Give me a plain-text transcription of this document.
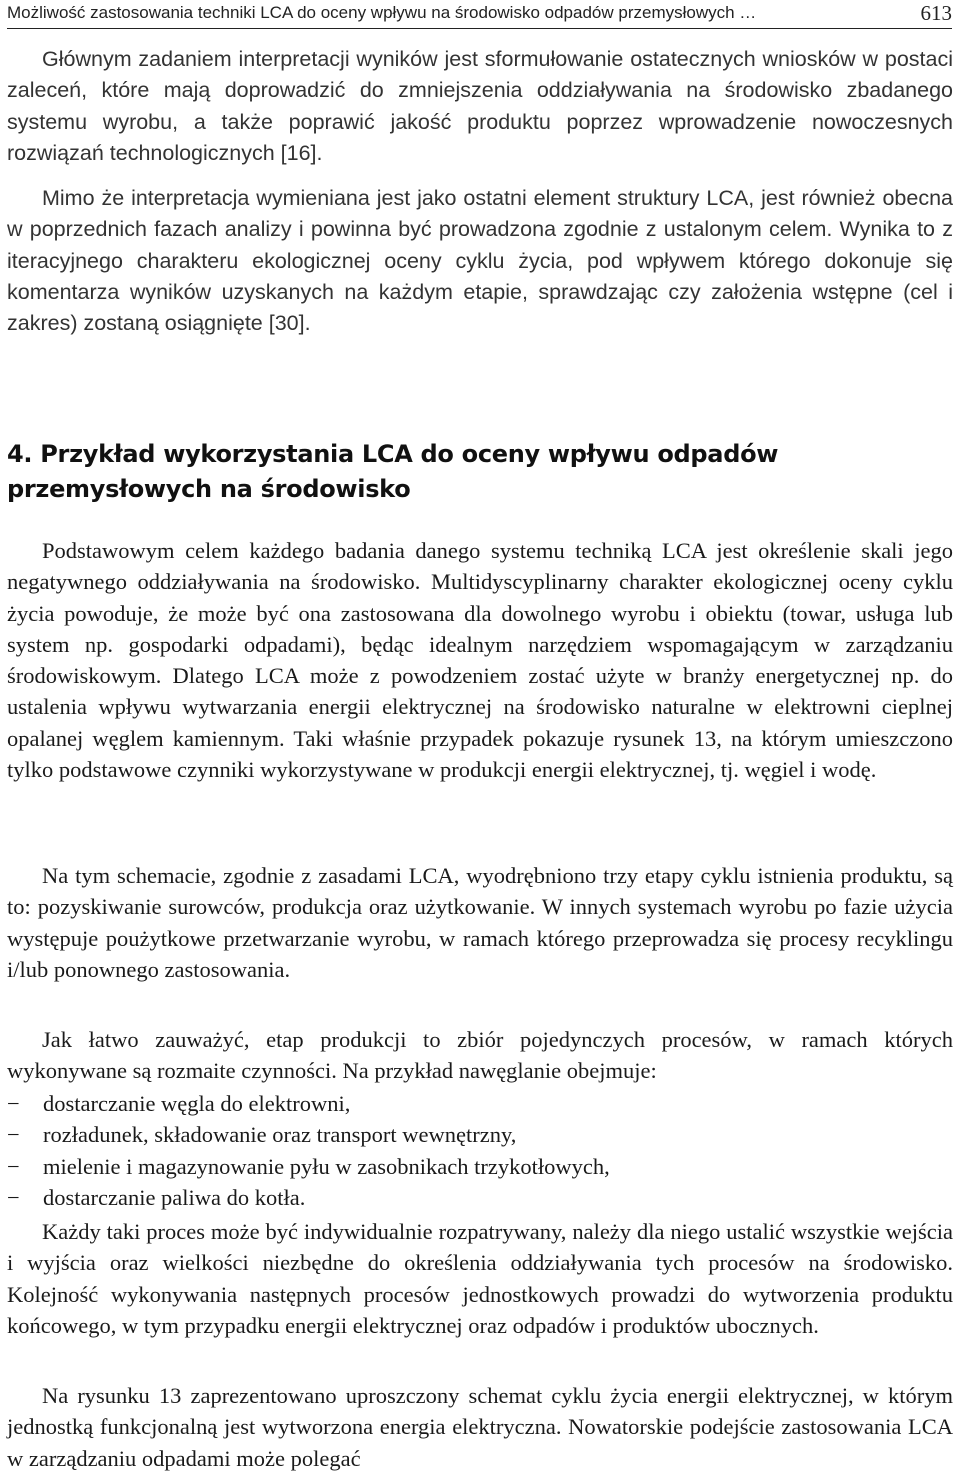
Możliwość zastosowania techniki LCA do oceny wpływu na środowisko odpadów przemysłowych …	613

Głównym zadaniem interpretacji wyników jest sformułowanie ostatecznych wniosków w postaci zaleceń, które mają doprowadzić do zmniejszenia oddziaływania na środowisko zbadanego systemu wyrobu, a także poprawić jakość produktu poprzez wprowadzenie nowoczesnych rozwiązań technologicznych [16].

Mimo że interpretacja wymieniana jest jako ostatni element struktury LCA, jest również obecna w poprzednich fazach analizy i powinna być prowadzona zgodnie z ustalonym celem. Wynika to z iteracyjnego charakteru ekologicznej oceny cyklu życia, pod wpływem którego dokonuje się komentarza wyników uzyskanych na każdym etapie, sprawdzając czy założenia wstępne (cel i zakres) zostaną osiągnięte [30].

4. Przykład wykorzystania LCA do oceny wpływu odpadów przemysłowych na środowisko

Podstawowym celem każdego badania danego systemu techniką LCA jest określenie skali jego negatywnego oddziaływania na środowisko. Multidyscyplinarny charakter ekologicznej oceny cyklu życia powoduje, że może być ona zastosowana dla dowolnego wyrobu i obiektu (towar, usługa lub system np. gospodarki odpadami), będąc idealnym narzędziem wspomagającym w zarządzaniu środowiskowym. Dlatego LCA może z powodzeniem zostać użyte w branży energetycznej np. do ustalenia wpływu wytwarzania energii elektrycznej na środowisko naturalne w elektrowni cieplnej opalanej węglem kamiennym. Taki właśnie przypadek pokazuje rysunek 13, na którym umieszczono tylko podstawowe czynniki wykorzystywane w produkcji energii elektrycznej, tj. węgiel i wodę.

Na tym schemacie, zgodnie z zasadami LCA, wyodrębniono trzy etapy cyklu istnienia produktu, są to: pozyskiwanie surowców, produkcja oraz użytkowanie. W innych systemach wyrobu po fazie użycia występuje poużytkowe przetwarzanie wyrobu, w ramach którego przeprowadza się procesy recyklingu i/lub ponownego zastosowania.

Jak łatwo zauważyć, etap produkcji to zbiór pojedynczych procesów, w ramach których wykonywane są rozmaite czynności. Na przykład nawęglanie obejmuje:

− dostarczanie węgla do elektrowni,
− rozładunek, składowanie oraz transport wewnętrzny,
− mielenie i magazynowanie pyłu w zasobnikach trzykotłowych,
− dostarczanie paliwa do kotła.

Każdy taki proces może być indywidualnie rozpatrywany, należy dla niego ustalić wszystkie wejścia i wyjścia oraz wielkości niezbędne do określenia oddziaływania tych procesów na środowisko. Kolejność wykonywania następnych procesów jednostkowych prowadzi do wytworzenia produktu końcowego, w tym przypadku energii elektrycznej oraz odpadów i produktów ubocznych.

Na rysunku 13 zaprezentowano uproszczony schemat cyklu życia energii elektrycznej, w którym jednostką funkcjonalną jest wytworzona energia elektryczna. Nowatorskie podejście zastosowania LCA w zarządzaniu odpadami może polegać
